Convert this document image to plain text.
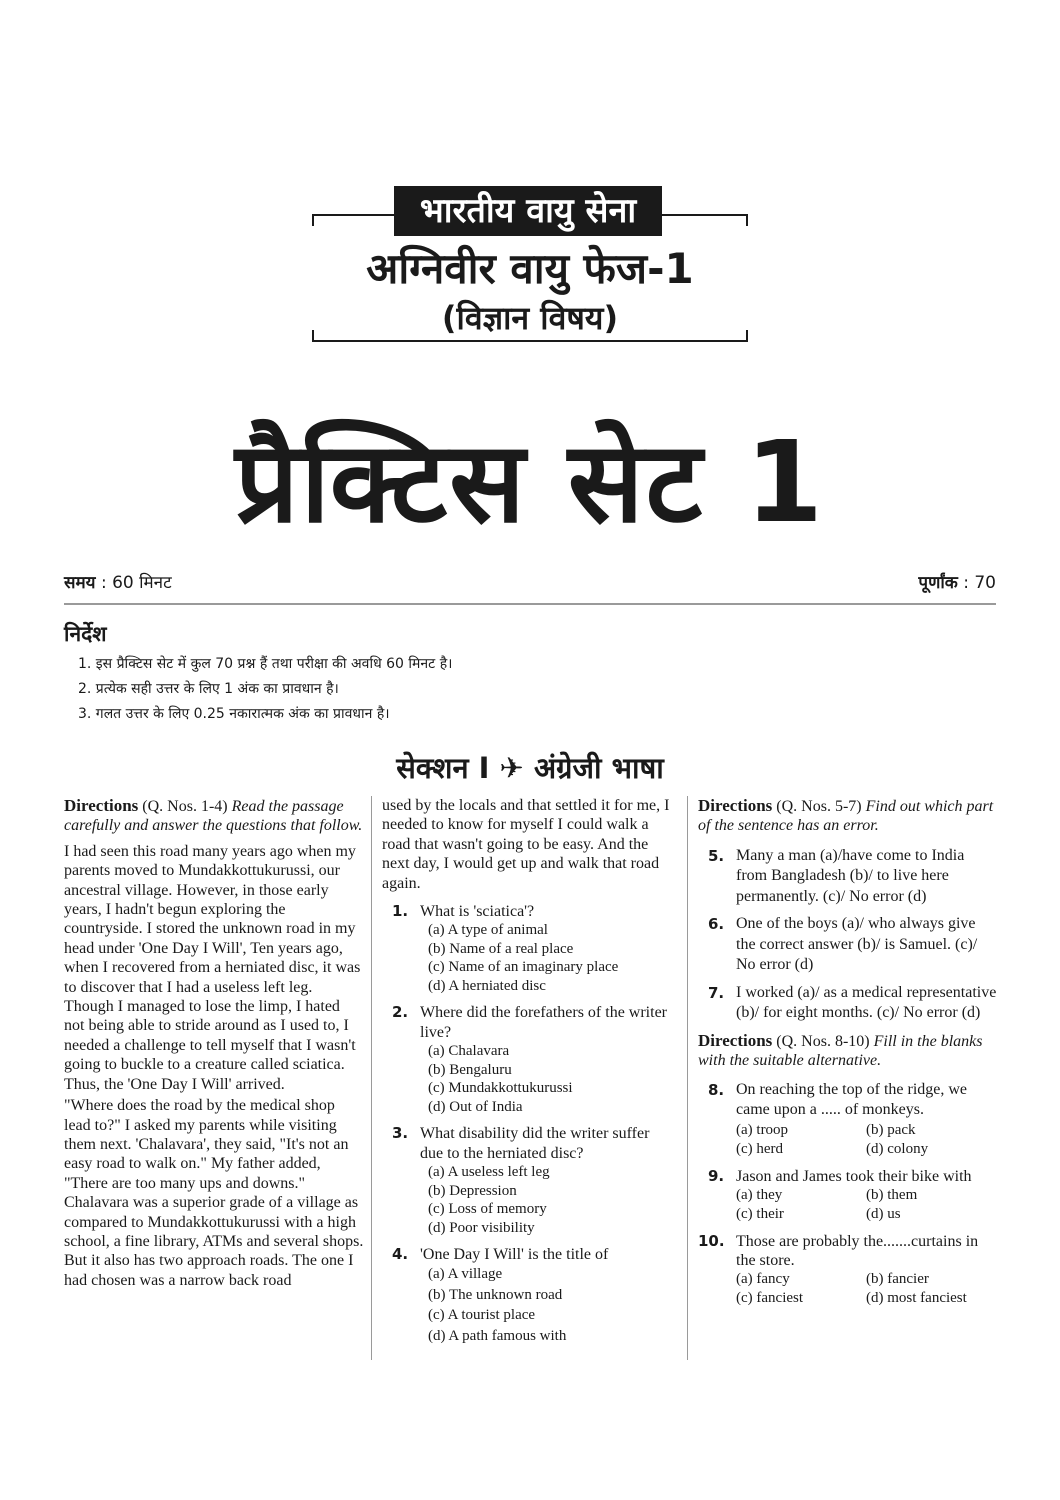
भारतीय वायु सेना
अग्निवीर वायु फेज-1
(विज्ञान विषय)
प्रैक्टिस सेट 1
समय : 60 मिनट	पूर्णांक : 70
निर्देश
1. इस प्रैक्टिस सेट में कुल 70 प्रश्न हैं तथा परीक्षा की अवधि 60 मिनट है।
2. प्रत्येक सही उत्तर के लिए 1 अंक का प्रावधान है।
3. गलत उत्तर के लिए 0.25 नकारात्मक अंक का प्रावधान है।
सेक्शन I ✈ अंग्रेजी भाषा

Directions (Q. Nos. 1-4) Read the passage carefully and answer the questions that follow.

I had seen this road many years ago when my parents moved to Mundakkottukurussi, our ancestral village. However, in those early years, I hadn't begun exploring the countryside. I stored the unknown road in my head under 'One Day I Will', Ten years ago, when I recovered from a herniated disc, it was to discover that I had a useless left leg. Though I managed to lose the limp, I hated not being able to stride around as I used to, I needed a challenge to tell myself that I wasn't going to buckle to a creature called sciatica. Thus, the 'One Day I Will' arrived.

"Where does the road by the medical shop lead to?" I asked my parents while visiting them next. 'Chalavara', they said, "It's not an easy road to walk on." My father added, "There are too many ups and downs." Chalavara was a superior grade of a village as compared to Mundakkottukurussi with a high school, a fine library, ATMs and several shops. But it also has two approach roads. The one I had chosen was a narrow back road

used by the locals and that settled it for me, I needed to know for myself I could walk a road that wasn't going to be easy. And the next day, I would get up and walk that road again.

1. What is 'sciatica'?
(a) A type of animal
(b) Name of a real place
(c) Name of an imaginary place
(d) A herniated disc
2. Where did the forefathers of the writer live?
(a) Chalavara
(b) Bengaluru
(c) Mundakkottukurussi
(d) Out of India
3. What disability did the writer suffer due to the herniated disc?
(a) A useless left leg
(b) Depression
(c) Loss of memory
(d) Poor visibility
4. 'One Day I Will' is the title of
(a) A village
(b) The unknown road
(c) A tourist place
(d) A path famous with

Directions (Q. Nos. 5-7) Find out which part of the sentence has an error.

5. Many a man (a)/have come to India from Bangladesh (b)/ to live here permanently. (c)/ No error (d)
6. One of the boys (a)/ who always give the correct answer (b)/ is Samuel. (c)/ No error (d)
7. I worked (a)/ as a medical representative (b)/ for eight months. (c)/ No error (d)

Directions (Q. Nos. 8-10) Fill in the blanks with the suitable alternative.

8. On reaching the top of the ridge, we came upon a ..... of monkeys.
(a) troop	(b) pack
(c) herd	(d) colony
9. Jason and James took their bike with
(a) they	(b) them
(c) their	(d) us
10. Those are probably the.......curtains in the store.
(a) fancy	(b) fancier
(c) fanciest	(d) most fanciest
